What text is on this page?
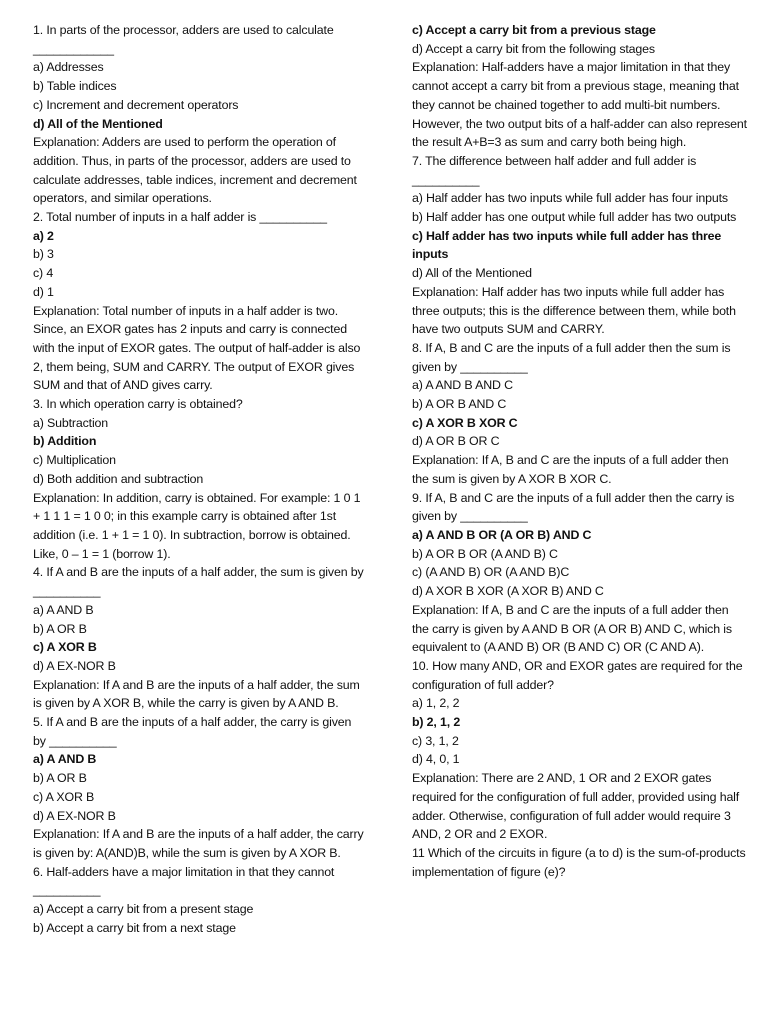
1. In parts of the processor, adders are used to calculate ____________

a) Addresses

b) Table indices

c) Increment and decrement operators

d) All of the Mentioned

Explanation: Adders are used to perform the operation of addition. Thus, in parts of the processor, adders are used to calculate addresses, table indices, increment and decrement operators, and similar operations.

2. Total number of inputs in a half adder is __________

a) 2

b) 3

c) 4

d) 1

Explanation: Total number of inputs in a half adder is two. Since, an EXOR gates has 2 inputs and carry is connected with the input of EXOR gates. The output of half-adder is also 2, them being, SUM and CARRY. The output of EXOR gives SUM and that of AND gives carry.

3. In which operation carry is obtained?

a) Subtraction

b) Addition

c) Multiplication

d) Both addition and subtraction

Explanation: In addition, carry is obtained. For example: 1 0 1 + 1 1 1 = 1 0 0; in this example carry is obtained after 1st addition (i.e. 1 + 1 = 1 0). In subtraction, borrow is obtained. Like, 0 – 1 = 1 (borrow 1).

4. If A and B are the inputs of a half adder, the sum is given by __________

a) A AND B

b) A OR B

c) A XOR B

d) A EX-NOR B

Explanation: If A and B are the inputs of a half adder, the sum is given by A XOR B, while the carry is given by A AND B.

5. If A and B are the inputs of a half adder, the carry is given by __________

a) A AND B

b) A OR B

c) A XOR B

d) A EX-NOR B

Explanation: If A and B are the inputs of a half adder, the carry is given by: A(AND)B, while the sum is given by A XOR B.

6. Half-adders have a major limitation in that they cannot __________

a) Accept a carry bit from a present stage

b) Accept a carry bit from a next stage

c) Accept a carry bit from a previous stage

d) Accept a carry bit from the following stages

Explanation: Half-adders have a major limitation in that they cannot accept a carry bit from a previous stage, meaning that they cannot be chained together to add multi-bit numbers. However, the two output bits of a half-adder can also represent the result A+B=3 as sum and carry both being high.

7. The difference between half adder and full adder is __________

a) Half adder has two inputs while full adder has four inputs

b) Half adder has one output while full adder has two outputs

c) Half adder has two inputs while full adder has three inputs

d) All of the Mentioned

Explanation: Half adder has two inputs while full adder has three outputs; this is the difference between them, while both have two outputs SUM and CARRY.

8. If A, B and C are the inputs of a full adder then the sum is given by __________

a) A AND B AND C

b) A OR B AND C

c) A XOR B XOR C

d) A OR B OR C

Explanation: If A, B and C are the inputs of a full adder then the sum is given by A XOR B XOR C.

9. If A, B and C are the inputs of a full adder then the carry is given by __________

a) A AND B OR (A OR B) AND C

b) A OR B OR (A AND B) C

c) (A AND B) OR (A AND B)C

d) A XOR B XOR (A XOR B) AND C

Explanation: If A, B and C are the inputs of a full adder then the carry is given by A AND B OR (A OR B) AND C, which is equivalent to (A AND B) OR (B AND C) OR (C AND A).

10. How many AND, OR and EXOR gates are required for the configuration of full adder?

a) 1, 2, 2

b) 2, 1, 2

c) 3, 1, 2

d) 4, 0, 1

Explanation: There are 2 AND, 1 OR and 2 EXOR gates required for the configuration of full adder, provided using half adder. Otherwise, configuration of full adder would require 3 AND, 2 OR and 2 EXOR.

11 Which of the circuits in figure (a to d) is the sum-of-products implementation of figure (e)?
